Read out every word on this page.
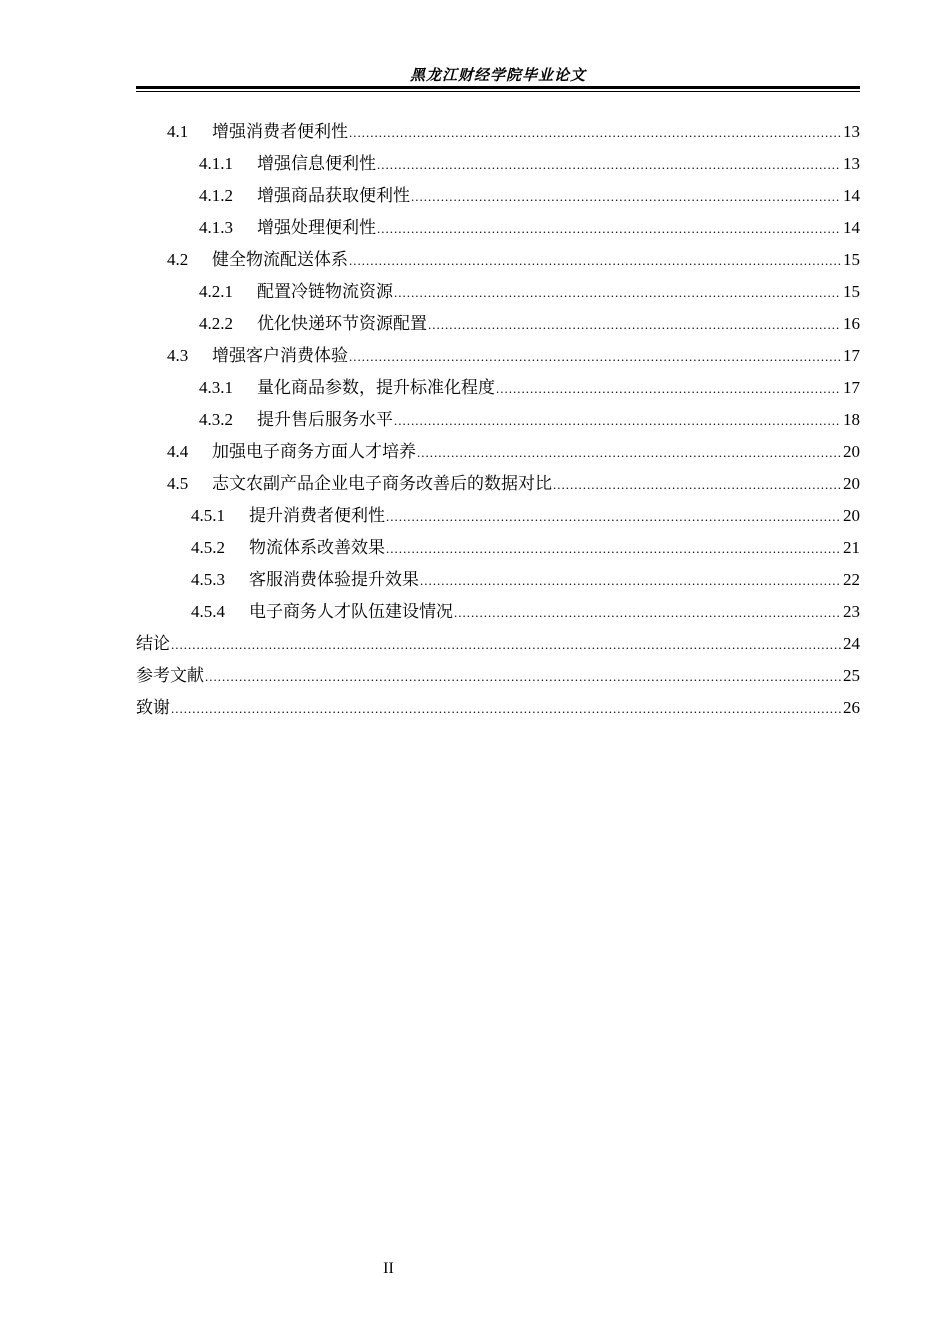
黑龙江财经学院毕业论文
4.1	增强消费者便利性 .....	13
4.1.1	增强信息便利性 .....	13
4.1.2	增强商品获取便利性 .....	14
4.1.3	增强处理便利性 .....	14
4.2	健全物流配送体系 .....	15
4.2.1	配置冷链物流资源 .....	15
4.2.2	优化快递环节资源配置 .....	16
4.3	增强客户消费体验 .....	17
4.3.1	量化商品参数，提升标准化程度 .....	17
4.3.2	提升售后服务水平 .....	18
4.4	加强电子商务方面人才培养 .....	20
4.5	志文农副产品企业电子商务改善后的数据对比 .....	20
4.5.1	提升消费者便利性 .....	20
4.5.2	物流体系改善效果 .....	21
4.5.3	客服消费体验提升效果 .....	22
4.5.4	电子商务人才队伍建设情况 .....	23
结论 .....	24
参考文献 .....	25
致谢 .....	26
II
